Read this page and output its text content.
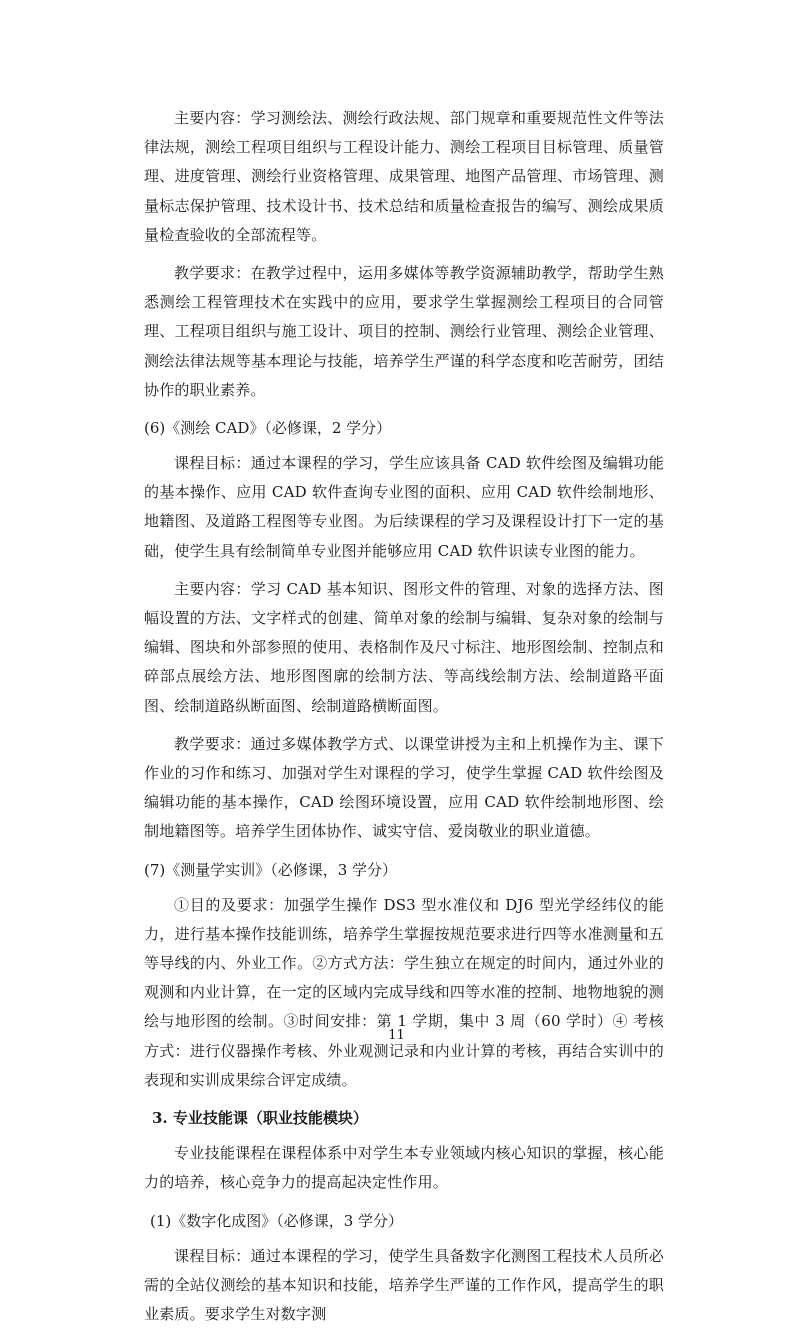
主要内容：学习测绘法、测绘行政法规、部门规章和重要规范性文件等法律法规，测绘工程项目组织与工程设计能力、测绘工程项目目标管理、质量管理、进度管理、测绘行业资格管理、成果管理、地图产品管理、市场管理、测量标志保护管理、技术设计书、技术总结和质量检查报告的编写、测绘成果质量检查验收的全部流程等。

教学要求：在教学过程中，运用多媒体等教学资源辅助教学，帮助学生熟悉测绘工程管理技术在实践中的应用，要求学生掌握测绘工程项目的合同管理、工程项目组织与施工设计、项目的控制、测绘行业管理、测绘企业管理、测绘法律法规等基本理论与技能，培养学生严谨的科学态度和吃苦耐劳，团结协作的职业素养。

(6)《测绘 CAD》（必修课，2 学分）

课程目标：通过本课程的学习，学生应该具备 CAD 软件绘图及编辑功能的基本操作、应用 CAD 软件查询专业图的面积、应用 CAD 软件绘制地形、地籍图、及道路工程图等专业图。为后续课程的学习及课程设计打下一定的基础，使学生具有绘制简单专业图并能够应用 CAD 软件识读专业图的能力。

主要内容：学习 CAD 基本知识、图形文件的管理、对象的选择方法、图幅设置的方法、文字样式的创建、简单对象的绘制与编辑、复杂对象的绘制与编辑、图块和外部参照的使用、表格制作及尺寸标注、地形图绘制、控制点和碎部点展绘方法、地形图图廓的绘制方法、等高线绘制方法、绘制道路平面图、绘制道路纵断面图、绘制道路横断面图。

教学要求：通过多媒体教学方式、以课堂讲授为主和上机操作为主、课下作业的习作和练习、加强对学生对课程的学习，使学生掌握 CAD 软件绘图及编辑功能的基本操作，CAD 绘图环境设置，应用 CAD 软件绘制地形图、绘制地籍图等。培养学生团体协作、诚实守信、爱岗敬业的职业道德。

(7)《测量学实训》（必修课，3 学分）

①目的及要求：加强学生操作 DS3 型水准仪和 DJ6 型光学经纬仪的能力，进行基本操作技能训练，培养学生掌握按规范要求进行四等水准测量和五等导线的内、外业工作。②方式方法：学生独立在规定的时间内，通过外业的观测和内业计算，在一定的区域内完成导线和四等水准的控制、地物地貌的测绘与地形图的绘制。③时间安排：第 1 学期，集中 3 周（60 学时）④ 考核方式：进行仪器操作考核、外业观测记录和内业计算的考核，再结合实训中的表现和实训成果综合评定成绩。

3. 专业技能课（职业技能模块）

专业技能课程在课程体系中对学生本专业领域内核心知识的掌握，核心能力的培养，核心竞争力的提高起决定性作用。

(1)《数字化成图》（必修课，3 学分）

课程目标：通过本课程的学习，使学生具备数字化测图工程技术人员所必需的全站仪测绘的基本知识和技能，培养学生严谨的工作作风，提高学生的职业素质。要求学生对数字测

11
